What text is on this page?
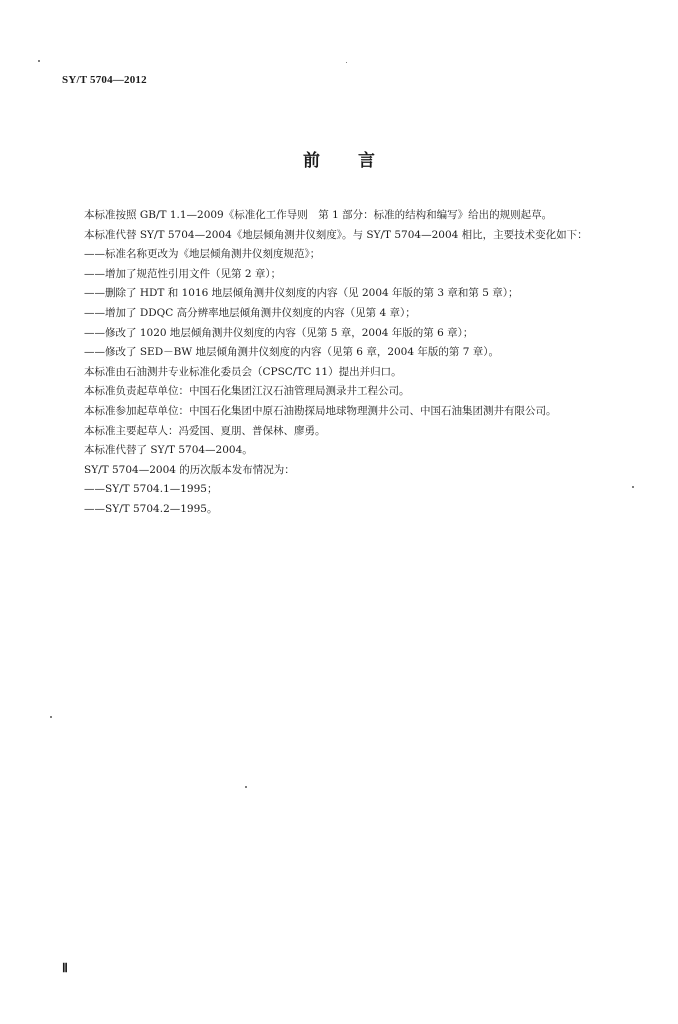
SY/T 5704—2012
前 言

本标准按照 GB/T 1.1—2009《标准化工作导则　第 1 部分：标准的结构和编写》给出的规则起草。

本标准代替 SY/T 5704—2004《地层倾角测井仪刻度》。与 SY/T 5704—2004 相比，主要技术变化如下：

——标准名称更改为《地层倾角测井仪刻度规范》；

——增加了规范性引用文件（见第 2 章）；

——删除了 HDT 和 1016 地层倾角测井仪刻度的内容（见 2004 年版的第 3 章和第 5 章）；

——增加了 DDQC 高分辨率地层倾角测井仪刻度的内容（见第 4 章）；

——修改了 1020 地层倾角测井仪刻度的内容（见第 5 章，2004 年版的第 6 章）；

——修改了 SED－BW 地层倾角测井仪刻度的内容（见第 6 章，2004 年版的第 7 章）。

本标准由石油测井专业标准化委员会（CPSC/TC 11）提出并归口。

本标准负责起草单位：中国石化集团江汉石油管理局测录井工程公司。

本标准参加起草单位：中国石化集团中原石油勘探局地球物理测井公司、中国石油集团测井有限公司。

本标准主要起草人：冯爱国、夏朋、普保林、廖勇。

本标准代替了 SY/T 5704—2004。

SY/T 5704—2004 的历次版本发布情况为：

——SY/T 5704.1—1995；

——SY/T 5704.2—1995。

Ⅱ
